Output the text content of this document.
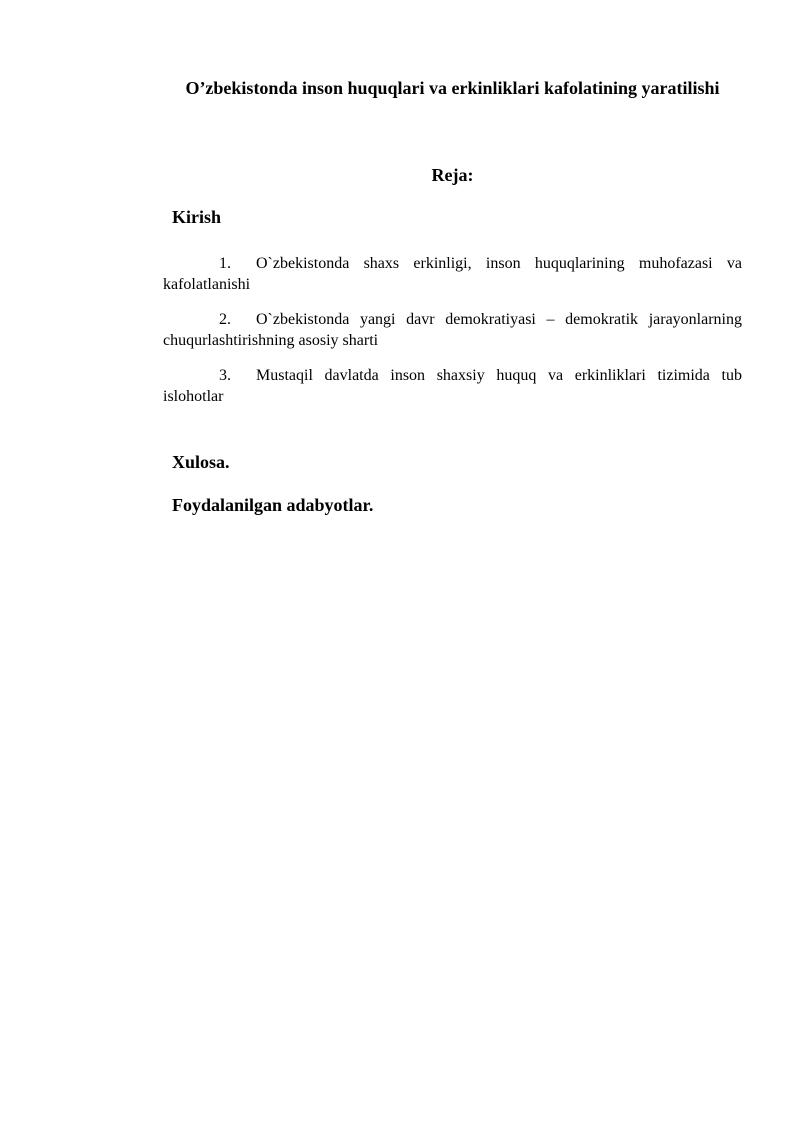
O’zbekistonda inson huquqlari va erkinliklari kafolatining yaratilishi
Reja:
Kirish
1. O`zbekistonda shaxs erkinligi, inson huquqlarining muhofazasi va kafolatlanishi
2. O`zbekistonda yangi davr demokratiyasi – demokratik jarayonlarning chuqurlashtirishning asosiy sharti
3. Mustaqil davlatda inson shaxsiy huquq va erkinliklari tizimida tub islohotlar
Xulosa.
Foydalanilgan adabyotlar.
